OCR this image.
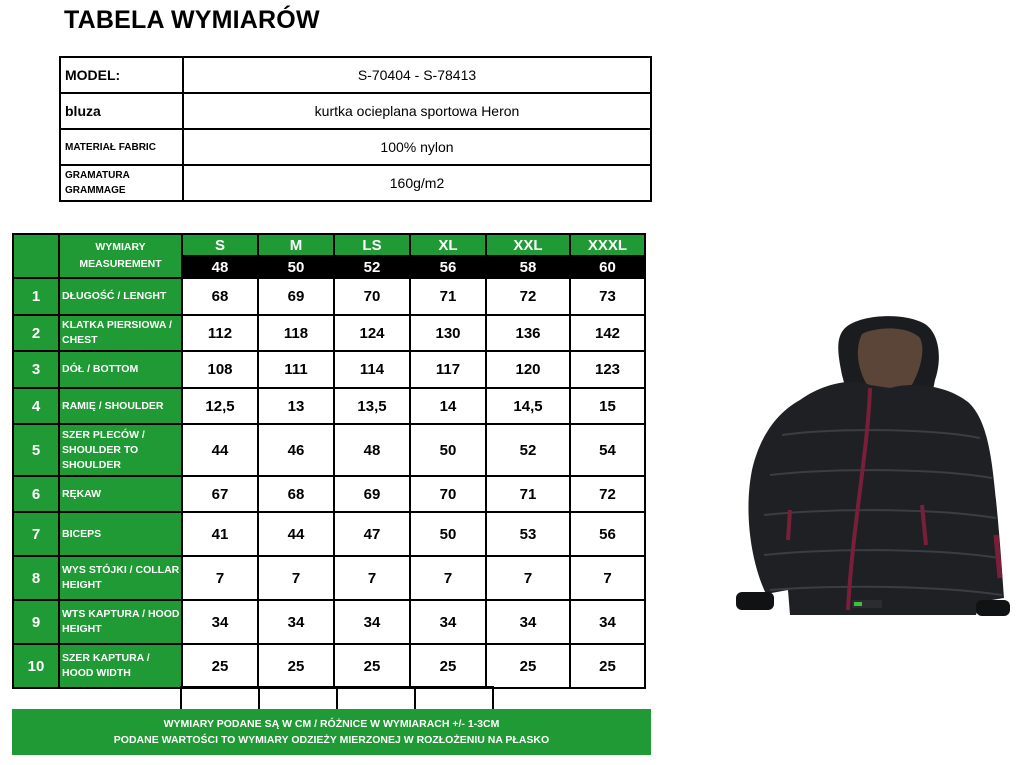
TABELA WYMIARÓW
MODEL:	S-70404 - S-78413
bluza	kurtka ocieplana sportowa Heron
MATERIAŁ FABRIC	100% nylon

GRAMATURA
GRAMMAGE	160g/m2

	WYMIARY
MEASUREMENT	S	M	LS	XL	XXL	XXXL
		48	50	52	56	58	60
1	DŁUGOŚĆ / LENGHT	68	69	70	71	72	73
2	KLATKA PIERSIOWA /
CHEST	112	118	124	130	136	142
3	DÓŁ / BOTTOM	108	111	114	117	120	123
4	RAMIĘ / SHOULDER	12,5	13	13,5	14	14,5	15
5	SZER PLECÓW /
SHOULDER TO
SHOULDER	44	46	48	50	52	54
6	RĘKAW	67	68	69	70	71	72
7	BICEPS	41	44	47	50	53	56
8	WYS STÓJKI / COLLAR
HEIGHT	7	7	7	7	7	7
9	WTS KAPTURA / HOOD
HEIGHT	34	34	34	34	34	34
10	SZER KAPTURA /
HOOD WIDTH	25	25	25	25	25	25

WYMIARY PODANE SĄ W CM / RÓŻNICE W WYMIARACH +/- 1-3CM
PODANE WARTOŚCI TO WYMIARY ODZIEŻY MIERZONEJ W ROZŁOŻENIU NA PŁASKO
